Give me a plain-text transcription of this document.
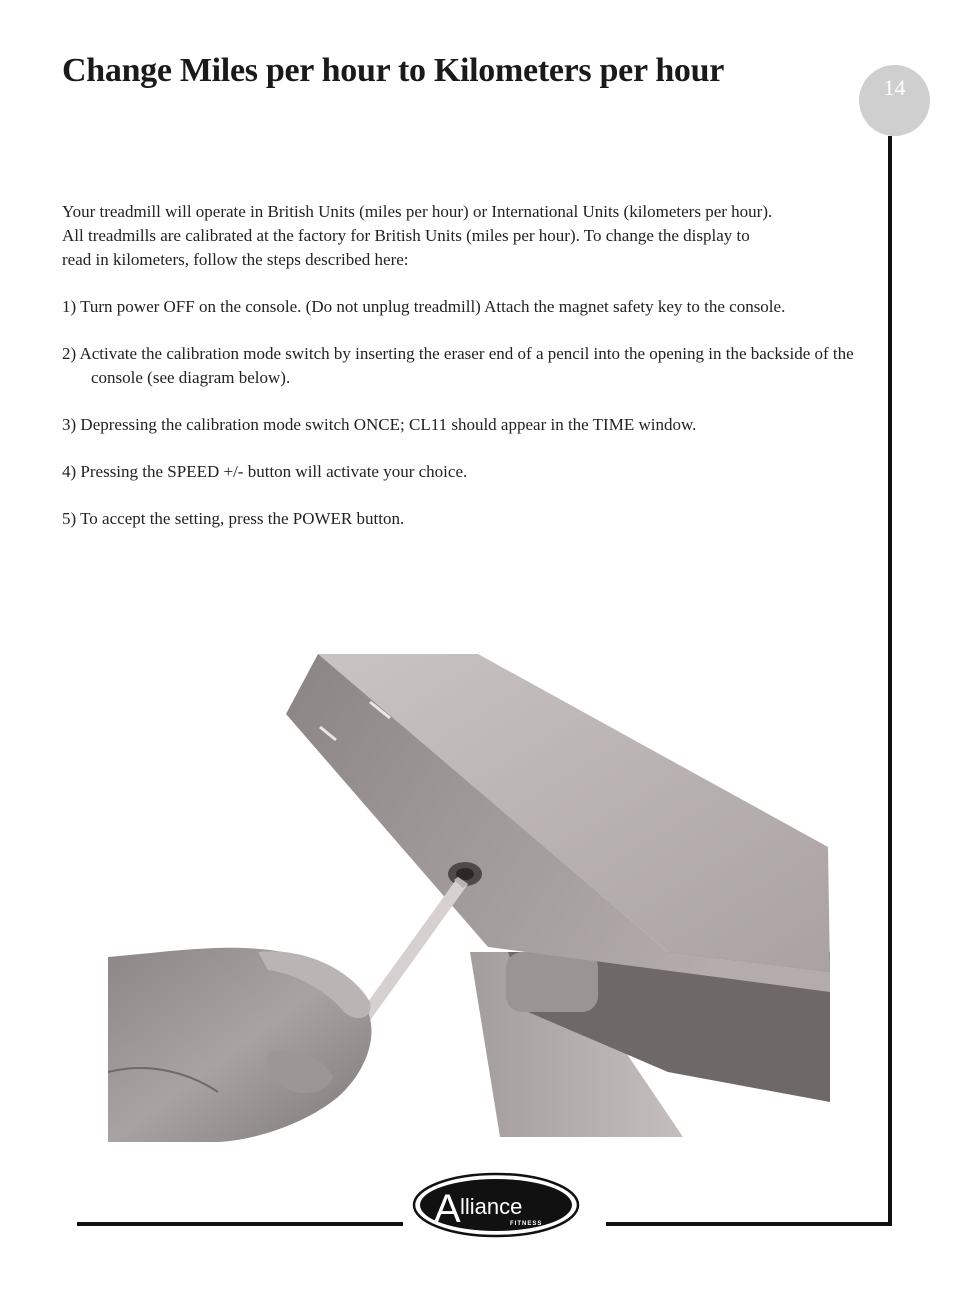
Change Miles per hour to Kilometers per hour	14

Your treadmill will operate in British Units (miles per hour) or International Units (kilometers per hour).
All treadmills are calibrated at the factory for British Units (miles per hour). To change the display to
read in kilometers, follow the steps described here:

1) Turn power OFF on the console. (Do not unplug treadmill) Attach the magnet safety key to the console.

2) Activate the calibration mode switch by inserting the eraser end of a pencil into the opening in the backside of the console (see diagram below).

3) Depressing the calibration mode switch ONCE; CL11 should appear in the TIME window.

4) Pressing the SPEED +/- button will activate your choice.

5) To accept the setting, press the POWER button.

A lliance
FITNESS
